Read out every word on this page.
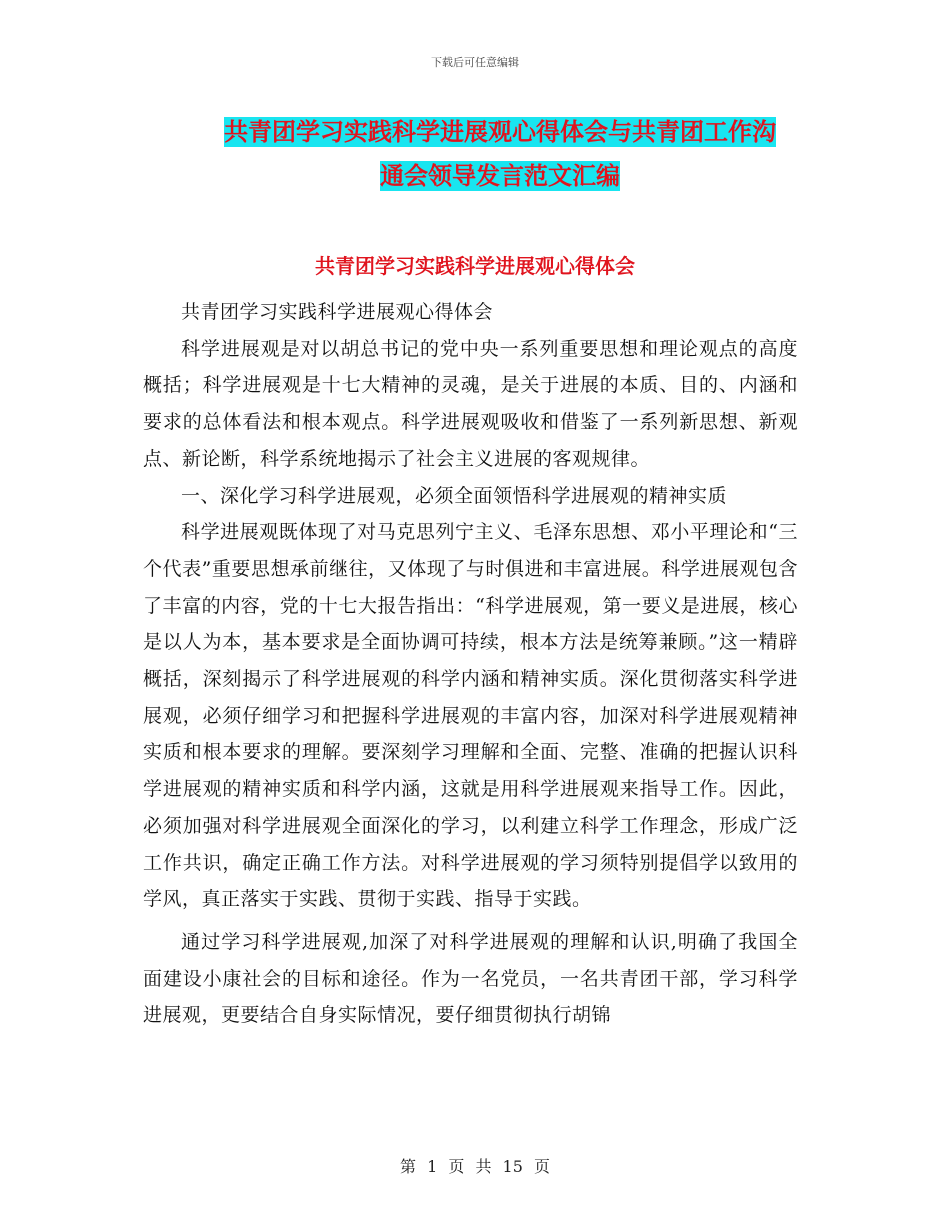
下载后可任意编辑
共青团学习实践科学进展观心得体会与共青团工作沟
通会领导发言范文汇编
共青团学习实践科学进展观心得体会

共青团学习实践科学进展观心得体会

科学进展观是对以胡总书记的党中央一系列重要思想和理论观点的高度概括；科学进展观是十七大精神的灵魂，是关于进展的本质、目的、内涵和要求的总体看法和根本观点。科学进展观吸收和借鉴了一系列新思想、新观点、新论断，科学系统地揭示了社会主义进展的客观规律。

一、深化学习科学进展观，必须全面领悟科学进展观的精神实质

科学进展观既体现了对马克思列宁主义、毛泽东思想、邓小平理论和“三个代表”重要思想承前继往，又体现了与时俱进和丰富进展。科学进展观包含了丰富的内容，党的十七大报告指出：“科学进展观，第一要义是进展，核心是以人为本，基本要求是全面协调可持续，根本方法是统筹兼顾。”这一精辟概括，深刻揭示了科学进展观的科学内涵和精神实质。深化贯彻落实科学进展观，必须仔细学习和把握科学进展观的丰富内容，加深对科学进展观精神实质和根本要求的理解。要深刻学习理解和全面、完整、准确的把握认识科学进展观的精神实质和科学内涵，这就是用科学进展观来指导工作。因此，必须加强对科学进展观全面深化的学习，以利建立科学工作理念，形成广泛工作共识，确定正确工作方法。对科学进展观的学习须特别提倡学以致用的学风，真正落实于实践、贯彻于实践、指导于实践。

通过学习科学进展观,加深了对科学进展观的理解和认识,明确了我国全面建设小康社会的目标和途径。作为一名党员，一名共青团干部，学习科学进展观，更要结合自身实际情况，要仔细贯彻执行胡锦

第 1 页 共 15 页
